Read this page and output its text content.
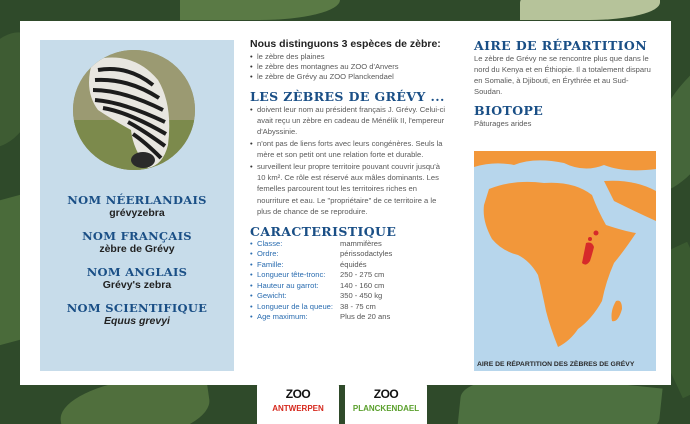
NOM NÉERLANDAIS
grévyzebra
NOM FRANÇAIS
zèbre de Grévy
NOM ANGLAIS
Grévy's zebra
NOM SCIENTIFIQUE
Equus grevyi
Nous distinguons 3 espèces de zèbre:
• le zèbre des plaines
• le zèbre des montagnes au ZOO d'Anvers
• le zèbre de Grévy au ZOO Planckendael
LES ZÈBRES DE GRÉVY ...
• doivent leur nom au président français J. Grévy. Celui-ci avait reçu un zèbre en cadeau de Ménélik II, l'empereur d'Abyssinie.
• n'ont pas de liens forts avec leurs congénères. Seuls la mère et son petit ont une relation forte et durable.
• surveillent leur propre territoire pouvant couvrir jusqu'à 10 km². Ce rôle est réservé aux mâles dominants. Les femelles parcourent tout les territoires riches en nourriture et eau. Le "propriétaire" de ce territoire a le plus de chance de se reproduire.
CARACTERISTIQUE
• Classe:	mammifères
• Ordre:	périssodactyles
• Famille:	équidés
• Longueur tête-tronc:	250 - 275 cm
• Hauteur au garrot:	140 - 160 cm
• Gewicht:	350 - 450 kg
• Longueur de la queue: 38 - 75 cm
• Age maximum:	Plus de 20 ans
AIRE DE RÉPARTITION
Le zèbre de Grévy ne se rencontre plus que dans le nord du Kenya et en Éthiopie. Il a totalement disparu en Somalie, à Djibouti, en Érythrée et au Sud-Soudan.
BIOTOPE
Pâturages arides
AIRE DE RÉPARTITION DES ZÈBRES DE GRÉVY
ZOO
ANTWERPEN
ZOO
PLANCKENDAEL
